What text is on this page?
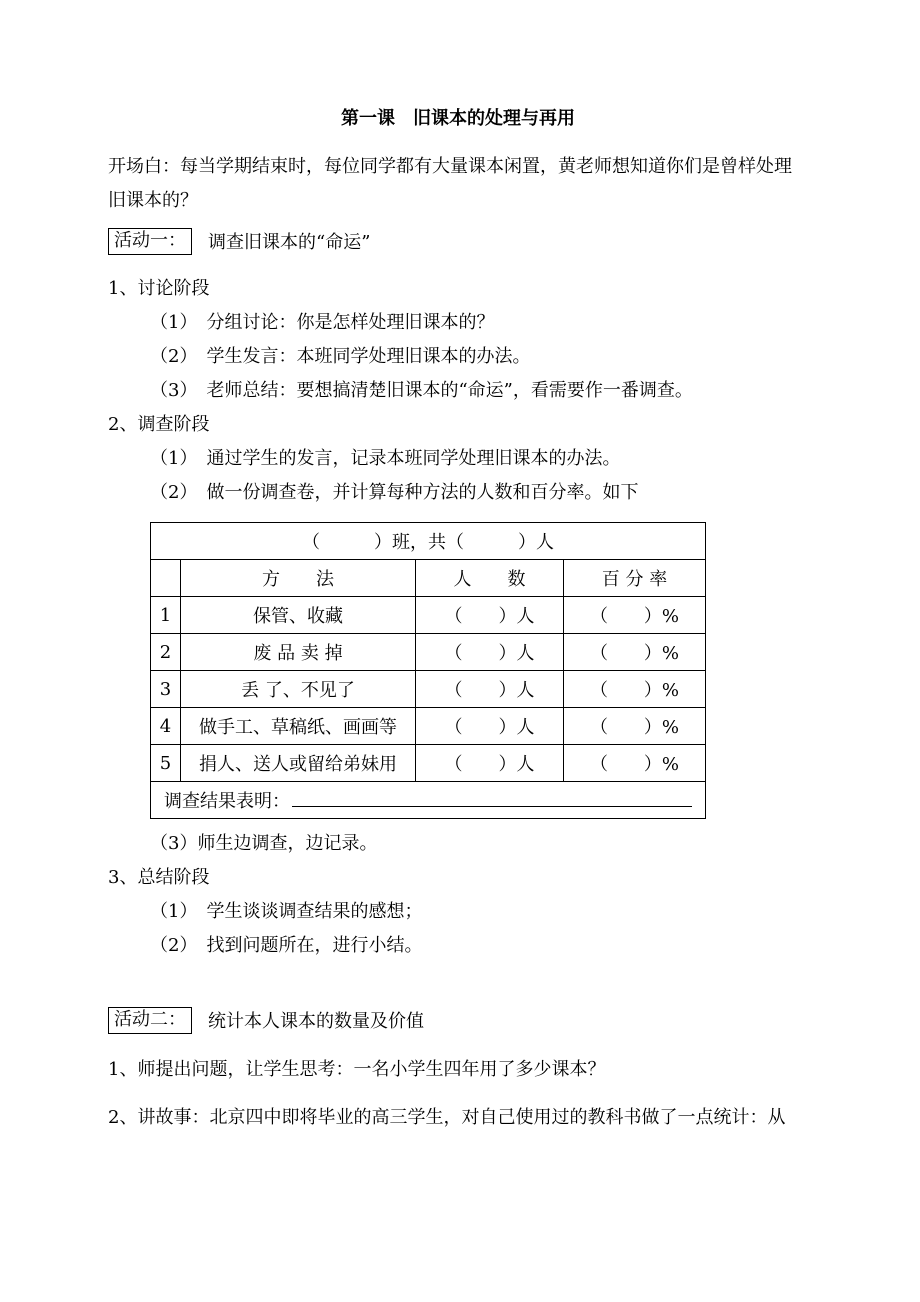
第一课　旧课本的处理与再用

开场白：每当学期结束时，每位同学都有大量课本闲置，黄老师想知道你们是曾样处理旧课本的？

活动一：	调查旧课本的“命运”

1、讨论阶段

（1）　分组讨论：你是怎样处理旧课本的？

（2）　学生发言：本班同学处理旧课本的办法。

（3）　老师总结：要想搞清楚旧课本的“命运”，看需要作一番调查。

2、调查阶段

（1）　通过学生的发言，记录本班同学处理旧课本的办法。

（2）　做一份调查卷，并计算每种方法的人数和百分率。如下

（　　　）班，共（　　　）人			
	方　　法	人　　数	百 分 率
1	保管、收藏	（　　）人	（　　）%
2	废 品 卖 掉	（　　）人	（　　）%
3	丢 了、不见了	（　　）人	（　　）%
4	做手工、草稿纸、画画等	（　　）人	（　　）%
5	捐人、送人或留给弟妹用	（　　）人	（　　）%
调查结果表明：			

（3）师生边调查，边记录。

3、总结阶段

（1）　学生谈谈调查结果的感想；

（2）　找到问题所在，进行小结。

活动二：	统计本人课本的数量及价值

1、师提出问题，让学生思考：一名小学生四年用了多少课本？

2、讲故事：北京四中即将毕业的高三学生，对自己使用过的教科书做了一点统计：从
